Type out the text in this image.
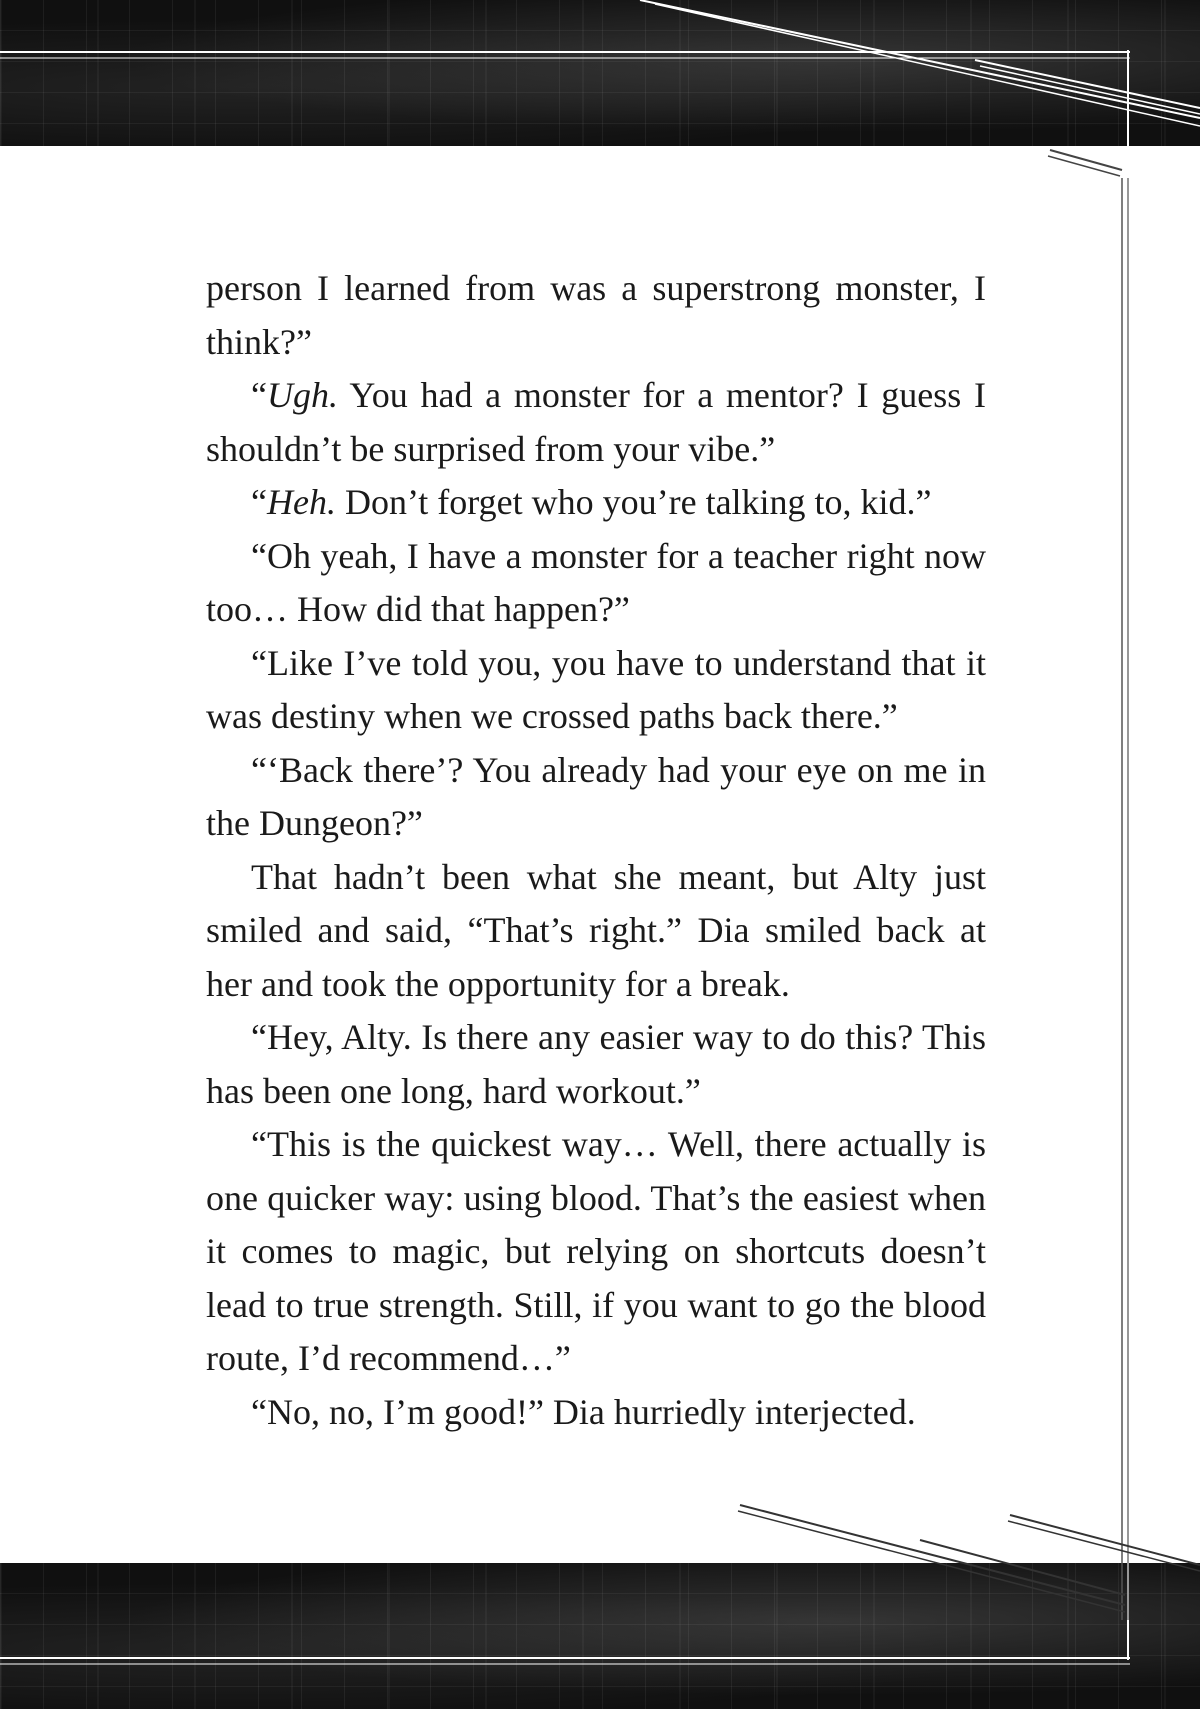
person I learned from was a superstrong monster, I think?”

“Ugh. You had a monster for a mentor? I guess I shouldn’t be surprised from your vibe.”

“Heh. Don’t forget who you’re talking to, kid.”

“Oh yeah, I have a monster for a teacher right now too… How did that happen?”

“Like I’ve told you, you have to understand that it was destiny when we crossed paths back there.”

“‘Back there’? You already had your eye on me in the Dungeon?”

That hadn’t been what she meant, but Alty just smiled and said, “That’s right.” Dia smiled back at her and took the opportunity for a break.

“Hey, Alty. Is there any easier way to do this? This has been one long, hard workout.”

“This is the quickest way… Well, there actually is one quicker way: using blood. That’s the easiest when it comes to magic, but relying on shortcuts doesn’t lead to true strength. Still, if you want to go the blood route, I’d recommend…”

“No, no, I’m good!” Dia hurriedly interjected.
